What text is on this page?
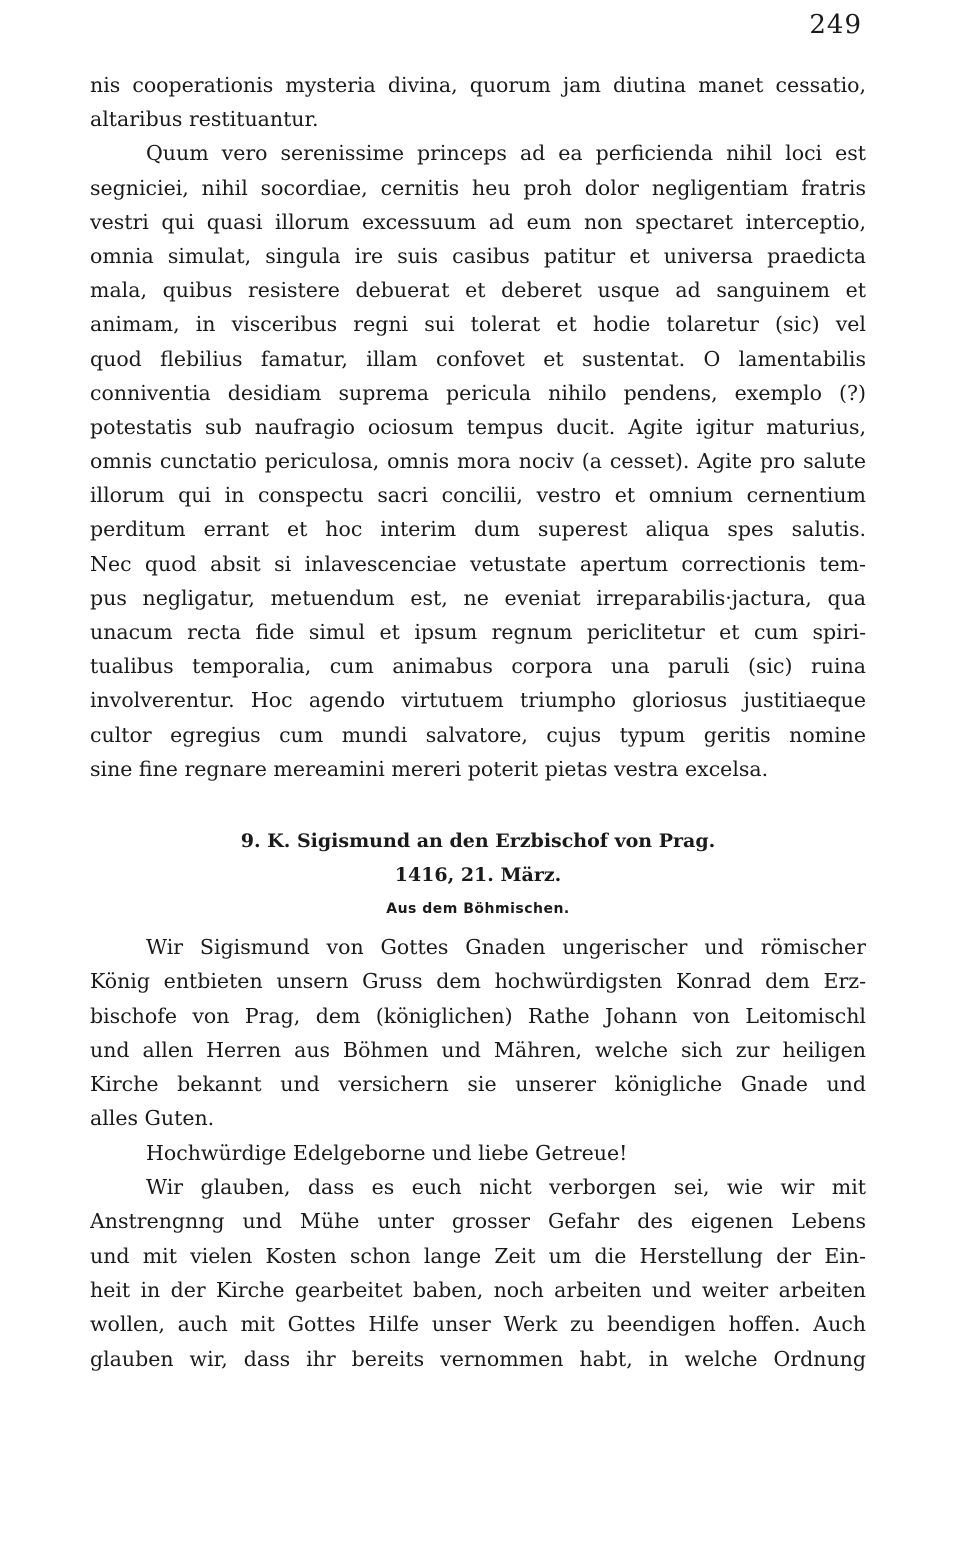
249
nis cooperationis mysteria divina, quorum jam diutina manet cessatio,
altaribus restituantur.
Quum vero serenissime princeps ad ea perficienda nihil loci est
segniciei, nihil socordiae, cernitis heu proh dolor negligentiam fratris
vestri qui quasi illorum excessuum ad eum non spectaret interceptio,
omnia simulat, singula ire suis casibus patitur et universa praedicta
mala, quibus resistere debuerat et deberet usque ad sanguinem et
animam, in visceribus regni sui tolerat et hodie tolaretur (sic) vel
quod flebilius famatur, illam confovet et sustentat. O lamentabilis
conniventia desidiam suprema pericula nihilo pendens, exemplo (?)
potestatis sub naufragio ociosum tempus ducit. Agite igitur maturius,
omnis cunctatio periculosa, omnis mora nociv (a cesset). Agite pro salute
illorum qui in conspectu sacri concilii, vestro et omnium cernentium
perditum errant et hoc interim dum superest aliqua spes salutis.
Nec quod absit si inlavescenciae vetustate apertum correctionis tem-
pus negligatur, metuendum est, ne eveniat irreparabilis·jactura, qua
unacum recta fide simul et ipsum regnum periclitetur et cum spiri-
tualibus temporalia, cum animabus corpora una paruli (sic) ruina
involverentur. Hoc agendo virtutuem triumpho gloriosus justitiaeque
cultor egregius cum mundi salvatore, cujus typum geritis nomine
sine fine regnare mereamini mereri poterit pietas vestra excelsa.
9. K. Sigismund an den Erzbischof von Prag.
1416, 21. März.
Aus dem Böhmischen.
Wir Sigismund von Gottes Gnaden ungerischer und römischer
König entbieten unsern Gruss dem hochwürdigsten Konrad dem Erz-
bischofe von Prag, dem (königlichen) Rathe Johann von Leitomischl
und allen Herren aus Böhmen und Mähren, welche sich zur heiligen
Kirche bekannt und versichern sie unserer königliche Gnade und
alles Guten.
Hochwürdige Edelgeborne und liebe Getreue!
Wir glauben, dass es euch nicht verborgen sei, wie wir mit
Anstrengnng und Mühe unter grosser Gefahr des eigenen Lebens
und mit vielen Kosten schon lange Zeit um die Herstellung der Ein-
heit in der Kirche gearbeitet baben, noch arbeiten und weiter arbeiten
wollen, auch mit Gottes Hilfe unser Werk zu beendigen hoffen. Auch
glauben wir, dass ihr bereits vernommen habt, in welche Ordnung
